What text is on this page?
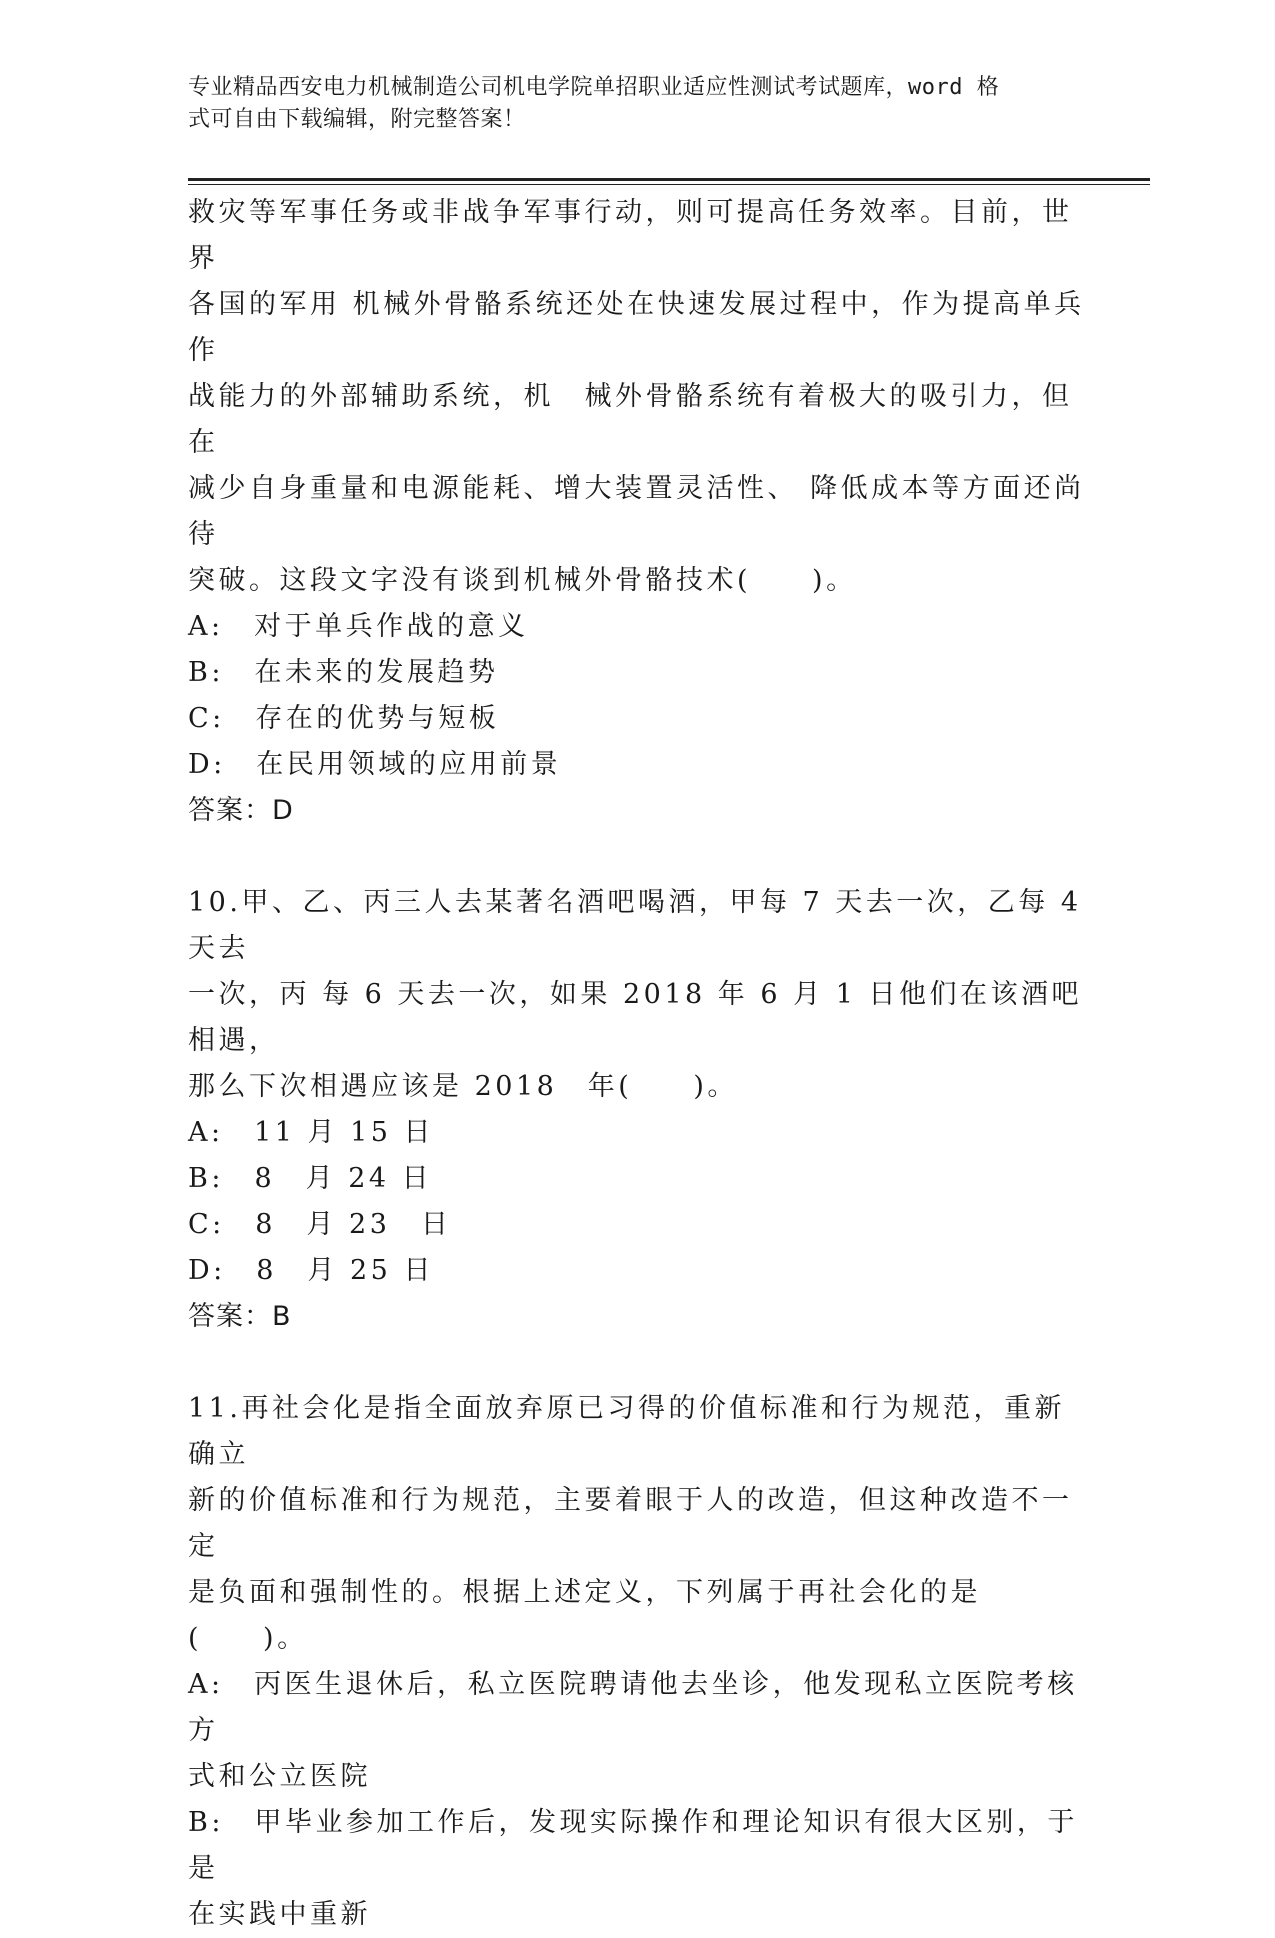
专业精品西安电力机械制造公司机电学院单招职业适应性测试考试题库，word 格
式可自由下载编辑，附完整答案！

救灾等军事任务或非战争军事行动，则可提高任务效率。目前，世界

各国的军用 机械外骨骼系统还处在快速发展过程中，作为提高单兵作

战能力的外部辅助系统，机　械外骨骼系统有着极大的吸引力，但在

减少自身重量和电源能耗、增大装置灵活性、 降低成本等方面还尚待

突破。这段文字没有谈到机械外骨骼技术(　　)。

A:　对于单兵作战的意义

B:　在未来的发展趋势

C:　存在的优势与短板

D:　在民用领域的应用前景

答案：D

10.甲、乙、丙三人去某著名酒吧喝酒，甲每 7 天去一次，乙每 4 天去

一次，丙 每 6 天去一次，如果 2018 年 6 月 1 日他们在该酒吧相遇，

那么下次相遇应该是 2018　年(　　)。

A:　11 月 15 日

B:　8　月 24 日

C:　8　月 23　日

D:　8　月 25 日

答案：B

11.再社会化是指全面放弃原已习得的价值标准和行为规范，重新确立

新的价值标准和行为规范，主要着眼于人的改造，但这种改造不一定

是负面和强制性的。根据上述定义，下列属于再社会化的是(　　)。

A:　丙医生退休后，私立医院聘请他去坐诊，他发现私立医院考核方

式和公立医院

B:　甲毕业参加工作后，发现实际操作和理论知识有很大区别，于是

在实践中重新
